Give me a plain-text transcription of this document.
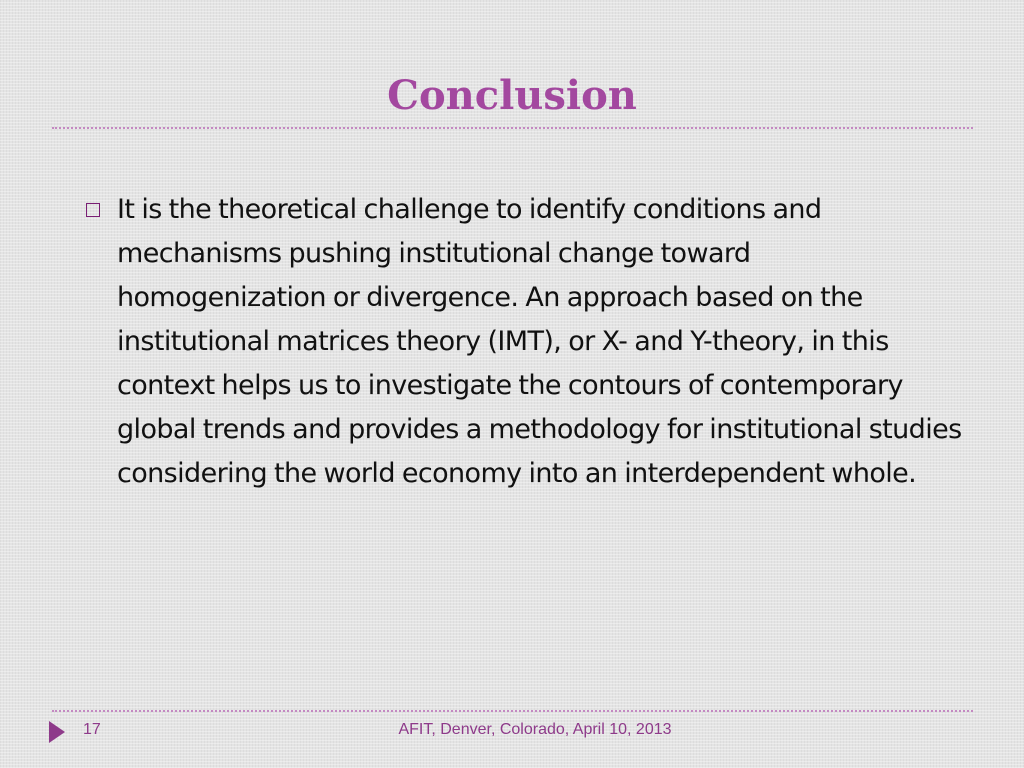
Conclusion
It is the theoretical challenge to identify conditions and mechanisms pushing institutional change toward homogenization or divergence. An approach based on the institutional matrices theory (IMT), or X- and Y-theory, in this context helps us to investigate the contours of contemporary global trends and provides a methodology for institutional studies considering the world economy into an interdependent whole.
17	AFIT, Denver, Colorado, April 10, 2013
